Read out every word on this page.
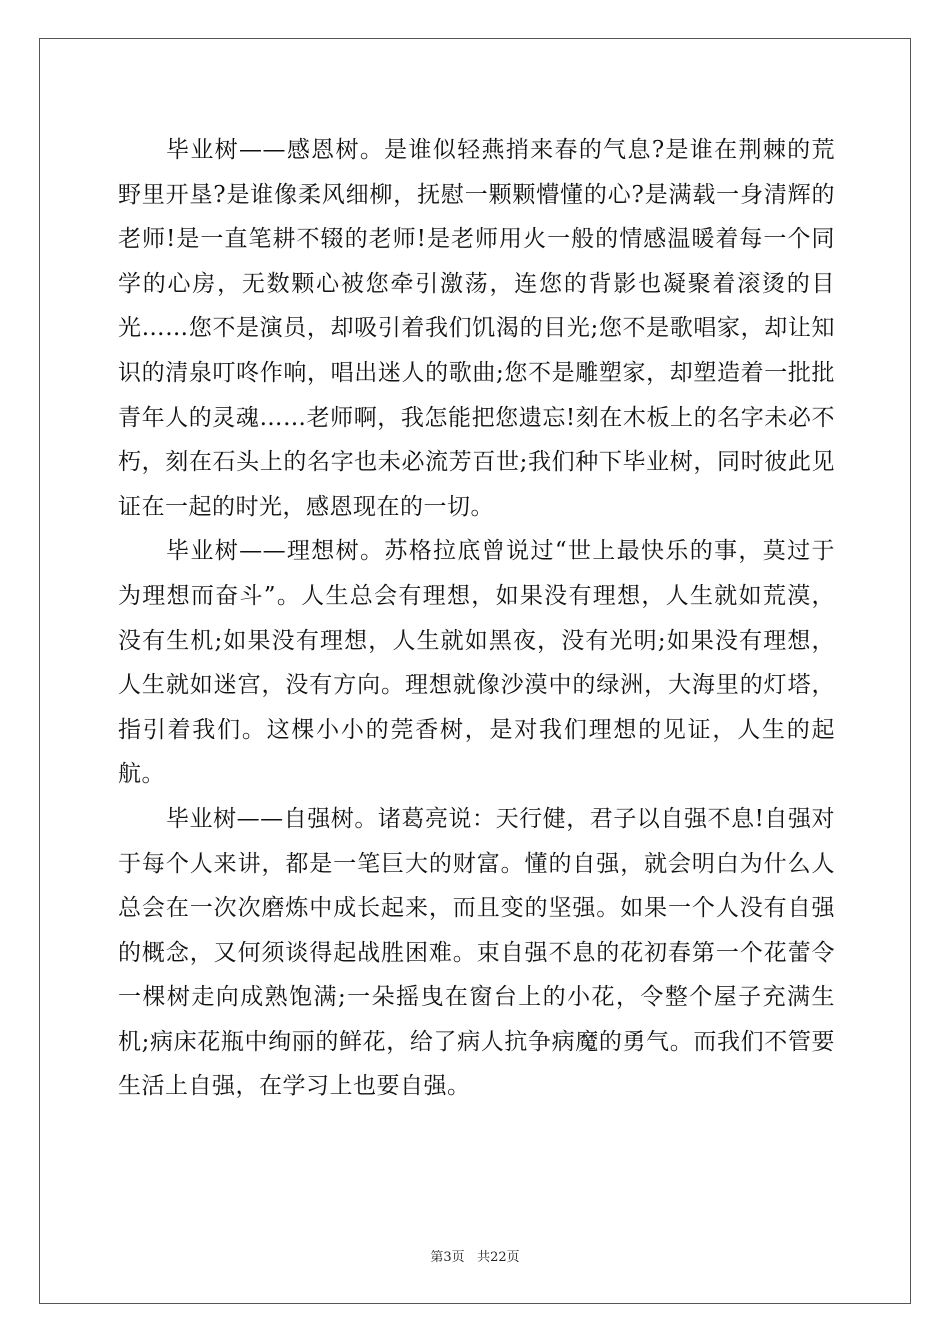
毕业树——感恩树。是谁似轻燕捎来春的气息?是谁在荆棘的荒野里开垦?是谁像柔风细柳，抚慰一颗颗懵懂的心?是满载一身清辉的老师!是一直笔耕不辍的老师!是老师用火一般的情感温暖着每一个同学的心房，无数颗心被您牵引激荡，连您的背影也凝聚着滚烫的目光……您不是演员，却吸引着我们饥渴的目光;您不是歌唱家，却让知识的清泉叮咚作响，唱出迷人的歌曲;您不是雕塑家，却塑造着一批批青年人的灵魂……老师啊，我怎能把您遗忘!刻在木板上的名字未必不朽，刻在石头上的名字也未必流芳百世;我们种下毕业树，同时彼此见证在一起的时光，感恩现在的一切。

毕业树——理想树。苏格拉底曾说过“世上最快乐的事，莫过于为理想而奋斗”。人生总会有理想，如果没有理想，人生就如荒漠，没有生机;如果没有理想，人生就如黑夜，没有光明;如果没有理想，人生就如迷宫，没有方向。理想就像沙漠中的绿洲，大海里的灯塔，指引着我们。这棵小小的莞香树，是对我们理想的见证，人生的起航。

毕业树——自强树。诸葛亮说：天行健，君子以自强不息!自强对于每个人来讲，都是一笔巨大的财富。懂的自强，就会明白为什么人总会在一次次磨炼中成长起来，而且变的坚强。如果一个人没有自强的概念，又何须谈得起战胜困难。束自强不息的花初春第一个花蕾令一棵树走向成熟饱满;一朵摇曳在窗台上的小花，令整个屋子充满生机;病床花瓶中绚丽的鲜花，给了病人抗争病魔的勇气。而我们不管要生活上自强，在学习上也要自强。

第3页 共22页
